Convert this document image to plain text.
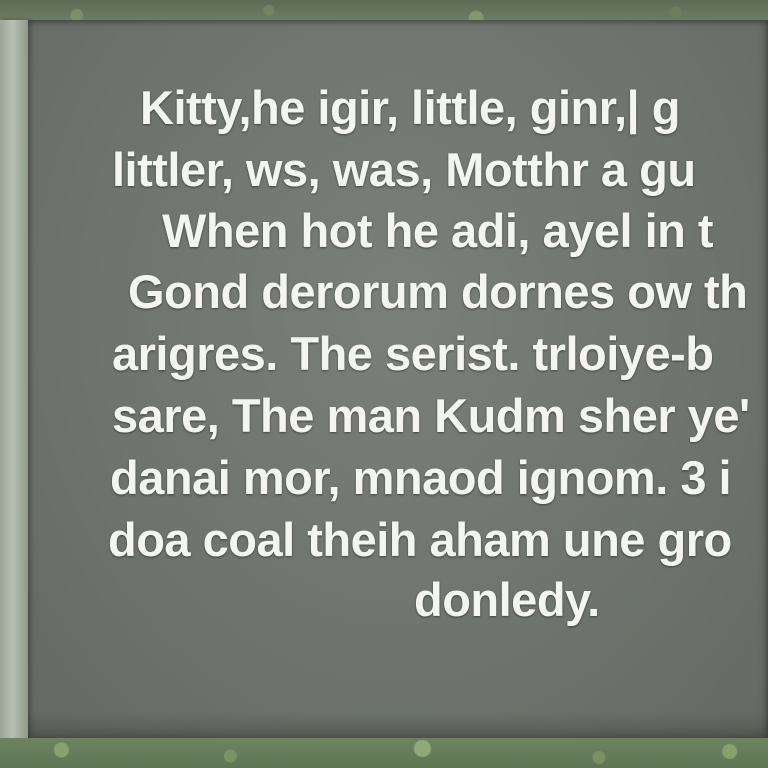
Kitty,he igir, little, ginr,| g
littler, ws, was, Motthr a gu
When hot he adi, ayel in t
Gond derorum dornes ow th
arigres. The serist. trloiye-b
sare, The man Kudm sher ye'
danai mor, mnaod ignom. 3 i
doa coal theih aham une gro
donledy.
